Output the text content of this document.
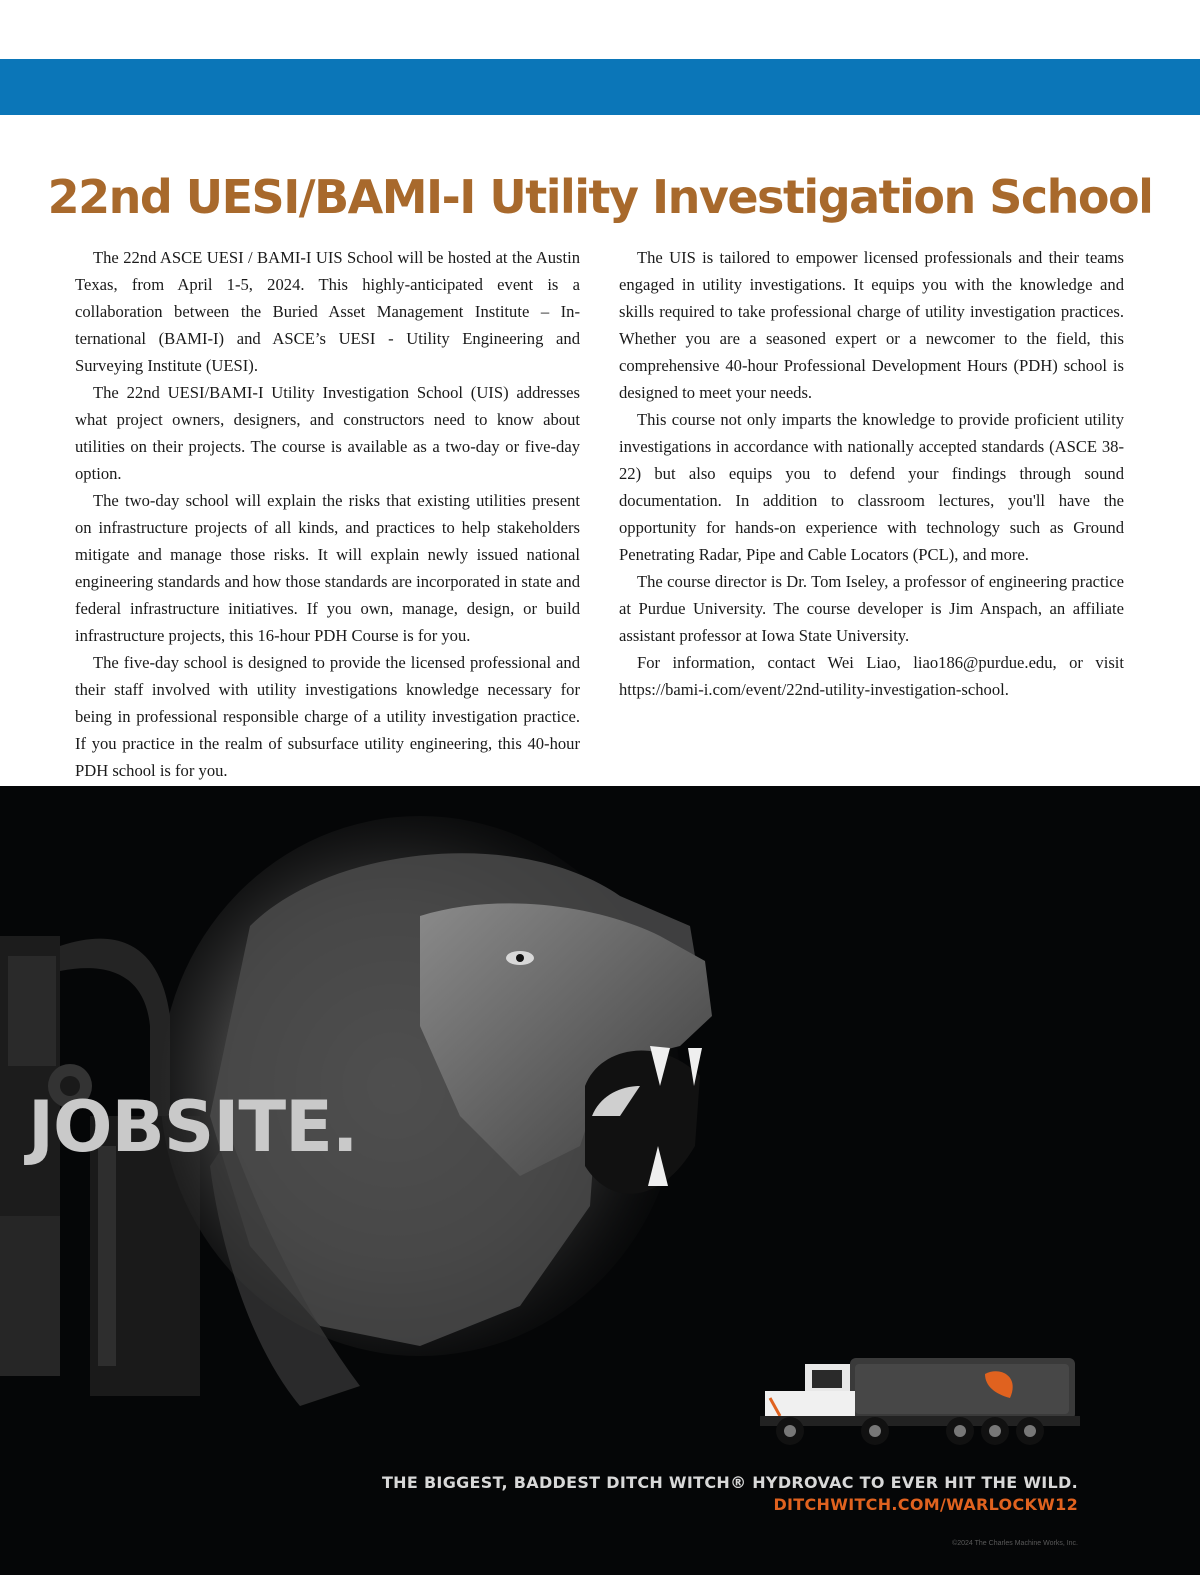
22nd UESI/BAMI-I Utility Investigation School

The 22nd ASCE UESI / BAMI-I UIS School will be hosted at the Austin Texas, from April 1-5, 2024. This highly-anticipated event is a collaboration between the Buried Asset Management Institute – International (BAMI-I) and ASCE’s UESI - Utility Engineering and Surveying Institute (UESI).

The 22nd UESI/BAMI-I Utility Investigation School (UIS) addresses what project owners, designers, and constructors need to know about utilities on their projects. The course is available as a two-day or five-day option.

The two-day school will explain the risks that existing utilities present on infrastructure projects of all kinds, and practices to help stakeholders mitigate and manage those risks. It will explain newly issued national engineering standards and how those standards are incorporated in state and federal infrastructure initiatives. If you own, manage, design, or build infrastructure projects, this 16-hour PDH Course is for you.

The five-day school is designed to provide the licensed professional and their staff involved with utility investigations knowledge necessary for being in professional responsible charge of a utility investigation practice. If you practice in the realm of subsurface utility engineering, this 40-hour PDH school is for you.

The UIS is tailored to empower licensed professionals and their teams engaged in utility investigations. It equips you with the knowledge and skills required to take professional charge of utility investigation practices. Whether you are a seasoned expert or a newcomer to the field, this comprehensive 40-hour Professional Development Hours (PDH) school is designed to meet your needs.

This course not only imparts the knowledge to provide proficient utility investigations in accordance with nationally accepted standards (ASCE 38-22) but also equips you to defend your findings through sound documentation. In addition to classroom lectures, you'll have the opportunity for hands-on experience with technology such as Ground Penetrating Radar, Pipe and Cable Locators (PCL), and more.

The course director is Dr. Tom Iseley, a professor of engineering practice at Purdue University. The course developer is Jim Anspach, an affiliate assistant professor at Iowa State University.

For information, contact Wei Liao, liao186@purdue.edu, or visit https://bami-i.com/event/22nd-utility-investigation-school.

JOBSITE.
THE BIGGEST, BADDEST DITCH WITCH® HYDROVAC TO EVER HIT THE WILD.
DITCHWITCH.COM/WARLOCKW12
©2024 The Charles Machine Works, Inc.
